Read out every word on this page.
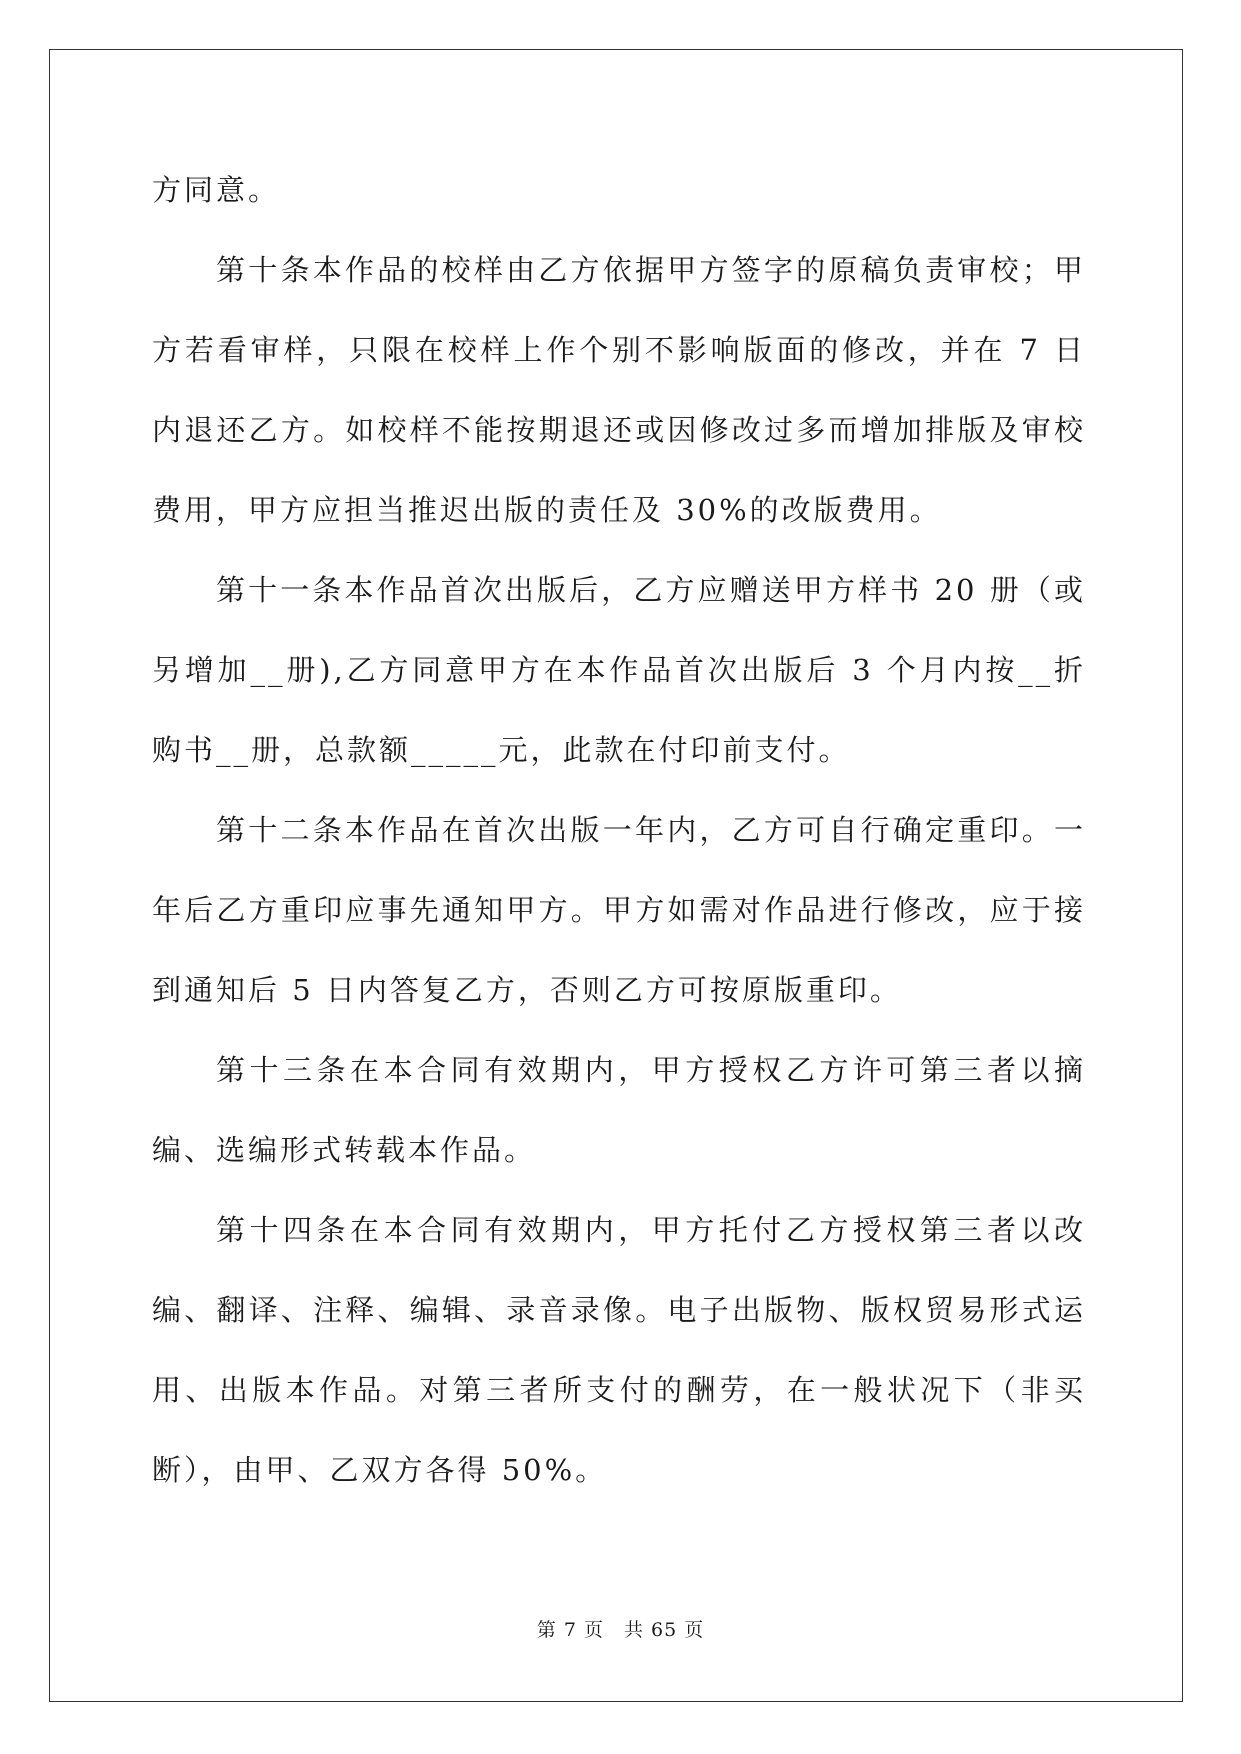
方同意。

第十条本作品的校样由乙方依据甲方签字的原稿负责审校；甲方若看审样，只限在校样上作个别不影响版面的修改，并在 7 日内退还乙方。如校样不能按期退还或因修改过多而增加排版及审校费用，甲方应担当推迟出版的责任及 30%的改版费用。

第十一条本作品首次出版后，乙方应赠送甲方样书 20 册（或另增加__册),乙方同意甲方在本作品首次出版后 3 个月内按__折购书__册，总款额_____元，此款在付印前支付。

第十二条本作品在首次出版一年内，乙方可自行确定重印。一年后乙方重印应事先通知甲方。甲方如需对作品进行修改，应于接到通知后 5 日内答复乙方，否则乙方可按原版重印。

第十三条在本合同有效期内，甲方授权乙方许可第三者以摘编、选编形式转载本作品。

第十四条在本合同有效期内，甲方托付乙方授权第三者以改编、翻译、注释、编辑、录音录像。电子出版物、版权贸易形式运用、出版本作品。对第三者所支付的酬劳，在一般状况下（非买断），由甲、乙双方各得 50%。

第 7 页　共 65 页
